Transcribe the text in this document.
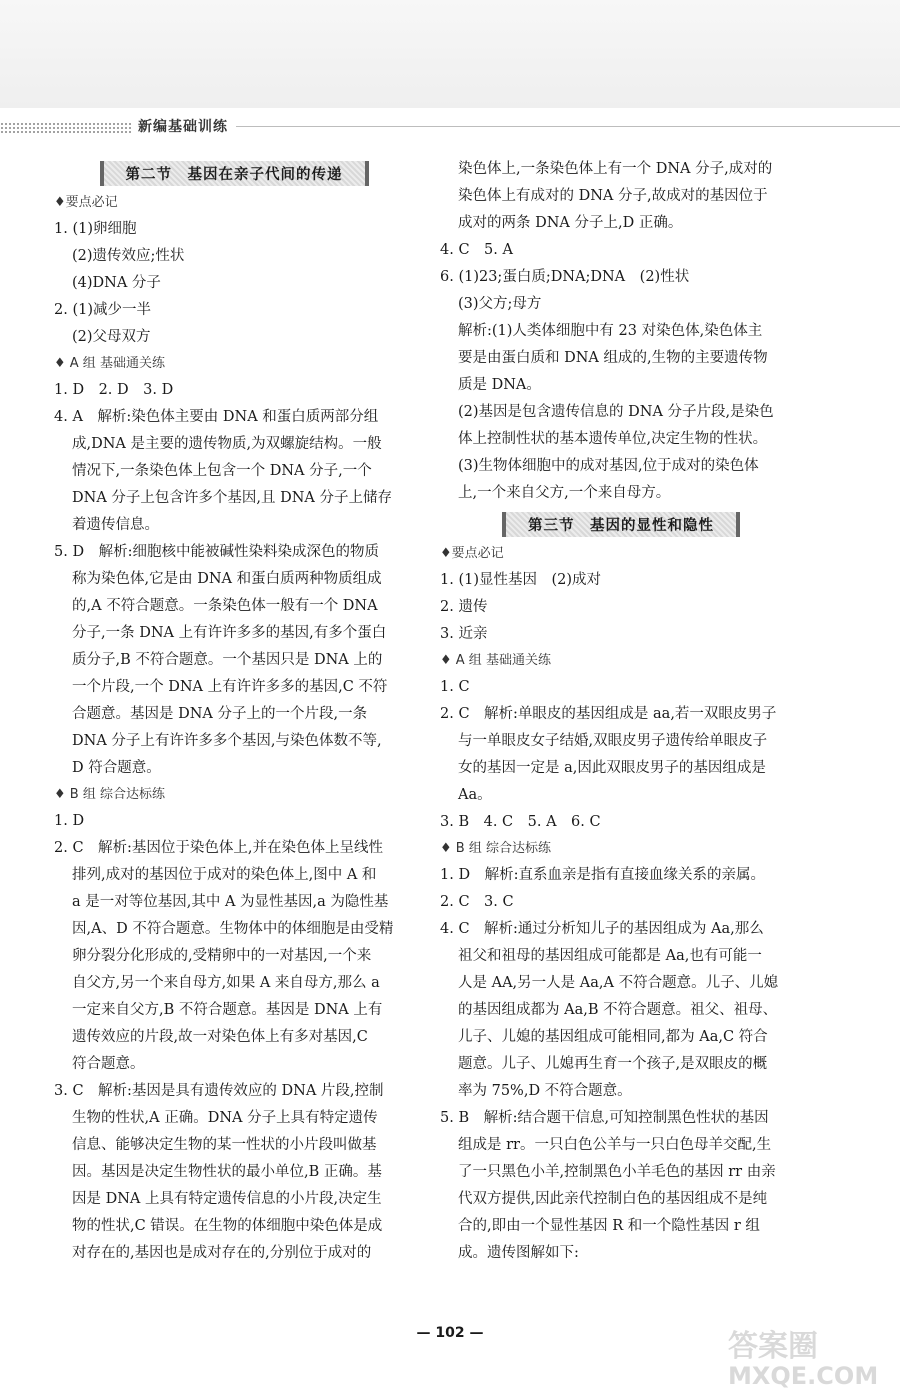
新编基础训练
第二节　基因在亲子代间的传递
♦要点必记
1. (1)卵细胞
(2)遗传效应;性状
(4)DNA 分子
2. (1)减少一半
(2)父母双方
♦ A 组 基础通关练
1. D　2. D　3. D
4. A　解析:染色体主要由 DNA 和蛋白质两部分组
成,DNA 是主要的遗传物质,为双螺旋结构。一般
情况下,一条染色体上包含一个 DNA 分子,一个
DNA 分子上包含许多个基因,且 DNA 分子上储存
着遗传信息。
5. D　解析:细胞核中能被碱性染料染成深色的物质
称为染色体,它是由 DNA 和蛋白质两种物质组成
的,A 不符合题意。一条染色体一般有一个 DNA
分子,一条 DNA 上有许许多多的基因,有多个蛋白
质分子,B 不符合题意。一个基因只是 DNA 上的
一个片段,一个 DNA 上有许许多多的基因,C 不符
合题意。基因是 DNA 分子上的一个片段,一条
DNA 分子上有许许多多个基因,与染色体数不等,
D 符合题意。
♦ B 组 综合达标练
1. D
2. C　解析:基因位于染色体上,并在染色体上呈线性
排列,成对的基因位于成对的染色体上,图中 A 和
a 是一对等位基因,其中 A 为显性基因,a 为隐性基
因,A、D 不符合题意。生物体中的体细胞是由受精
卵分裂分化形成的,受精卵中的一对基因,一个来
自父方,另一个来自母方,如果 A 来自母方,那么 a
一定来自父方,B 不符合题意。基因是 DNA 上有
遗传效应的片段,故一对染色体上有多对基因,C
符合题意。
3. C　解析:基因是具有遗传效应的 DNA 片段,控制
生物的性状,A 正确。DNA 分子上具有特定遗传
信息、能够决定生物的某一性状的小片段叫做基
因。基因是决定生物性状的最小单位,B 正确。基
因是 DNA 上具有特定遗传信息的小片段,决定生
物的性状,C 错误。在生物的体细胞中染色体是成
对存在的,基因也是成对存在的,分别位于成对的
染色体上,一条染色体上有一个 DNA 分子,成对的
染色体上有成对的 DNA 分子,故成对的基因位于
成对的两条 DNA 分子上,D 正确。
4. C　5. A
6. (1)23;蛋白质;DNA;DNA　(2)性状
(3)父方;母方
解析:(1)人类体细胞中有 23 对染色体,染色体主
要是由蛋白质和 DNA 组成的,生物的主要遗传物
质是 DNA。
(2)基因是包含遗传信息的 DNA 分子片段,是染色
体上控制性状的基本遗传单位,决定生物的性状。
(3)生物体细胞中的成对基因,位于成对的染色体
上,一个来自父方,一个来自母方。
第三节　基因的显性和隐性
♦要点必记
1. (1)显性基因　(2)成对
2. 遗传
3. 近亲
♦ A 组 基础通关练
1. C
2. C　解析:单眼皮的基因组成是 aa,若一双眼皮男子
与一单眼皮女子结婚,双眼皮男子遗传给单眼皮子
女的基因一定是 a,因此双眼皮男子的基因组成是
Aa。
3. B　4. C　5. A　6. C
♦ B 组 综合达标练
1. D　解析:直系血亲是指有直接血缘关系的亲属。
2. C　3. C
4. C　解析:通过分析知儿子的基因组成为 Aa,那么
祖父和祖母的基因组成可能都是 Aa,也有可能一
人是 AA,另一人是 Aa,A 不符合题意。儿子、儿媳
的基因组成都为 Aa,B 不符合题意。祖父、祖母、
儿子、儿媳的基因组成可能相同,都为 Aa,C 符合
题意。儿子、儿媳再生育一个孩子,是双眼皮的概
率为 75%,D 不符合题意。
5. B　解析:结合题干信息,可知控制黑色性状的基因
组成是 rr。一只白色公羊与一只白色母羊交配,生
了一只黑色小羊,控制黑色小羊毛色的基因 rr 由亲
代双方提供,因此亲代控制白色的基因组成不是纯
合的,即由一个显性基因 R 和一个隐性基因 r 组
成。遗传图解如下:
— 102 —	答案圈
MXQE.COM
